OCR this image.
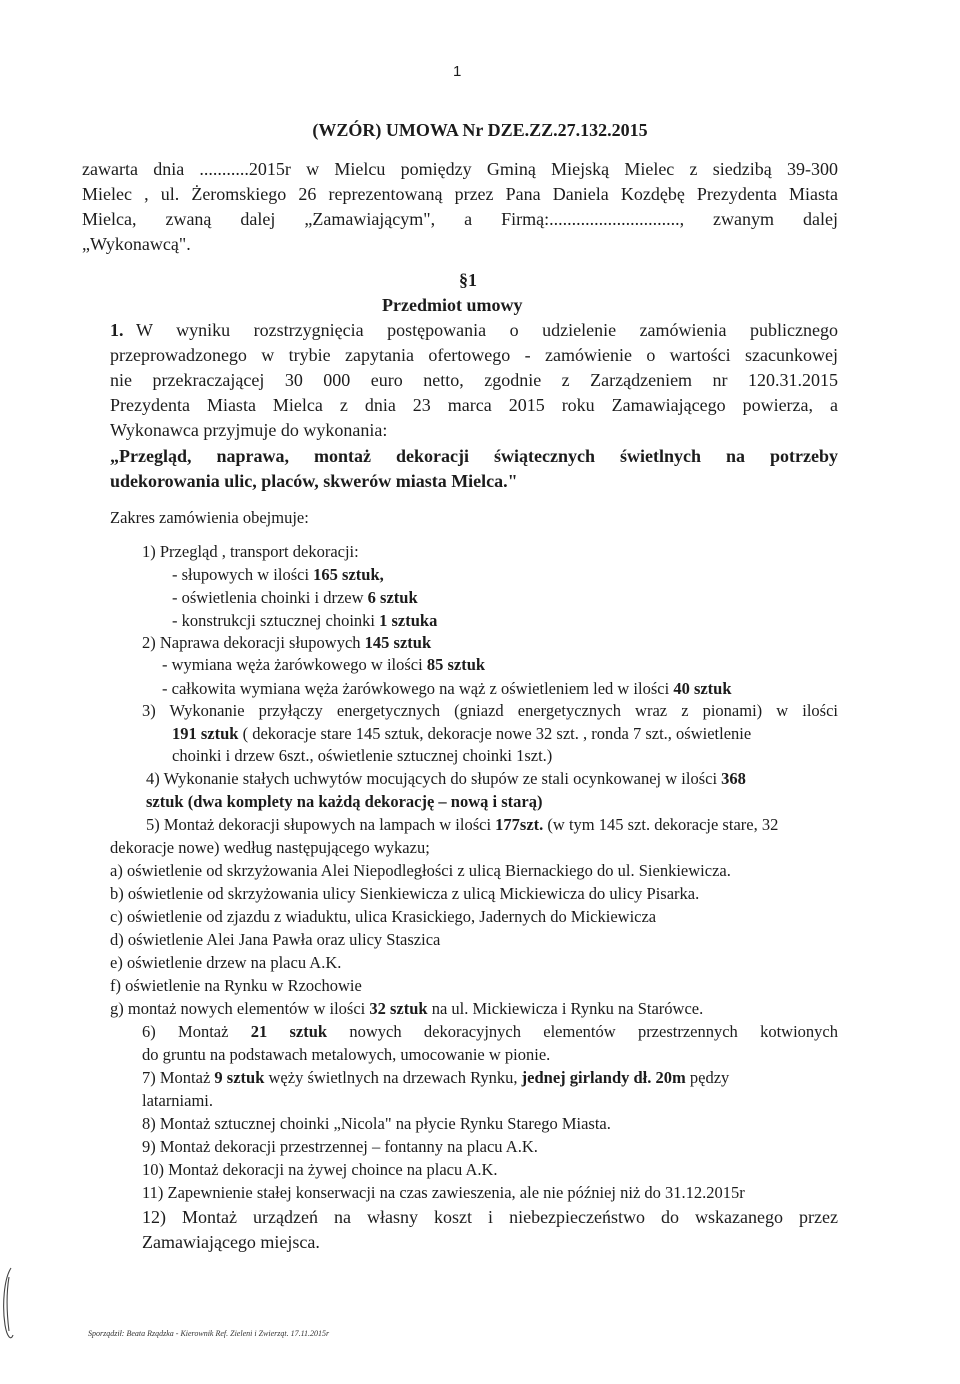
1
(WZÓR) UMOWA Nr DZE.ZZ.27.132.2015
zawarta dnia ...........2015r w Mielcu pomiędzy Gminą Miejską Mielec z siedzibą 39-300
Mielec , ul. Żeromskiego 26 reprezentowaną przez Pana Daniela Kozdębę Prezydenta Miasta
Mielca, zwaną dalej „Zamawiającym", a Firmą:............................., zwanym dalej
„Wykonawcą".
§1
Przedmiot umowy
1. W wyniku rozstrzygnięcia postępowania o udzielenie zamówienia publicznego
przeprowadzonego w trybie zapytania ofertowego - zamówienie o wartości szacunkowej
nie przekraczającej 30 000 euro netto, zgodnie z Zarządzeniem nr 120.31.2015
Prezydenta Miasta Mielca z dnia 23 marca 2015 roku Zamawiającego powierza, a
Wykonawca przyjmuje do wykonania:
„Przegląd, naprawa, montaż dekoracji świątecznych świetlnych na potrzeby
udekorowania ulic, placów, skwerów miasta Mielca."
Zakres zamówienia obejmuje:
1) Przegląd , transport dekoracji:
- słupowych w ilości 165 sztuk,
- oświetlenia choinki i drzew 6 sztuk
- konstrukcji sztucznej choinki 1 sztuka
2) Naprawa dekoracji słupowych 145 sztuk
- wymiana węża żarówkowego w ilości 85 sztuk
- całkowita wymiana węża żarówkowego na wąż z oświetleniem led w ilości 40 sztuk
3) Wykonanie przyłączy energetycznych (gniazd energetycznych wraz z pionami) w ilości
191 sztuk ( dekoracje stare 145 sztuk, dekoracje nowe 32 szt. , ronda 7 szt., oświetlenie
choinki i drzew 6szt., oświetlenie sztucznej choinki 1szt.)
4) Wykonanie stałych uchwytów mocujących do słupów ze stali ocynkowanej w ilości 368
sztuk (dwa komplety na każdą dekorację – nową i starą)
5) Montaż dekoracji słupowych na lampach w ilości 177szt. (w tym 145 szt. dekoracje stare, 32
dekoracje nowe) według następującego wykazu;
a) oświetlenie od skrzyżowania Alei Niepodległości z ulicą Biernackiego do ul. Sienkiewicza.
b) oświetlenie od skrzyżowania ulicy Sienkiewicza z ulicą Mickiewicza do ulicy Pisarka.
c) oświetlenie od zjazdu z wiaduktu, ulica Krasickiego, Jadernych do Mickiewicza
d) oświetlenie Alei Jana Pawła oraz ulicy Staszica
e) oświetlenie drzew na placu A.K.
f) oświetlenie na Rynku w Rzochowie
g) montaż nowych elementów w ilości 32 sztuk na ul. Mickiewicza i Rynku na Starówce.
6) Montaż 21 sztuk nowych dekoracyjnych elementów przestrzennych kotwionych
do gruntu na podstawach metalowych, umocowanie w pionie.
7) Montaż 9 sztuk węży świetlnych na drzewach Rynku, jednej girlandy dł. 20m pędzy
latarniami.
8) Montaż sztucznej choinki „Nicola" na płycie Rynku Starego Miasta.
9) Montaż dekoracji przestrzennej – fontanny na placu A.K.
10) Montaż dekoracji na żywej choince na placu A.K.
11) Zapewnienie stałej konserwacji na czas zawieszenia, ale nie później niż do 31.12.2015r
12) Montaż urządzeń na własny koszt i niebezpieczeństwo do wskazanego przez
Zamawiającego miejsca.
Sporządził: Beata Rządzka - Kierownik Ref. Zieleni i Zwierząt. 17.11.2015r
